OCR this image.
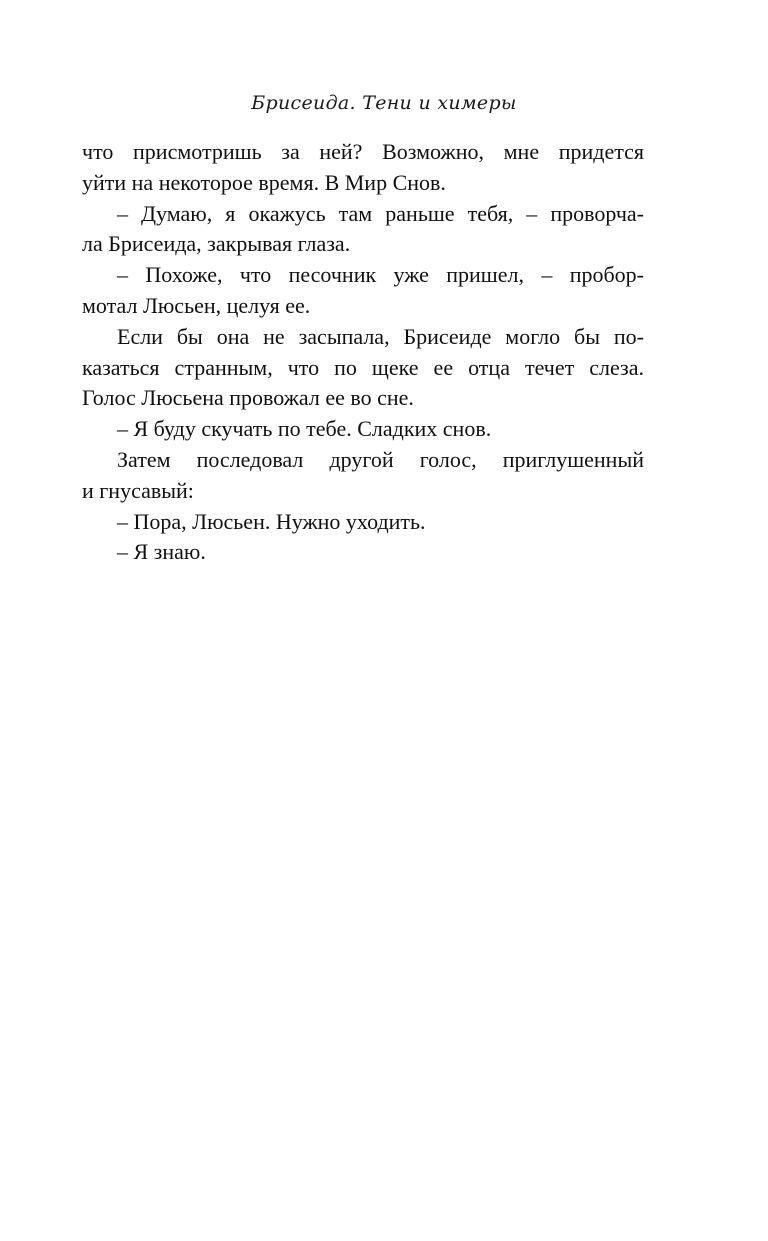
Брисеида. Тени и химеры
что присмотришь за ней? Возможно, мне придется
уйти на некоторое время. В Мир Снов.
– Думаю, я окажусь там раньше тебя, – проворча-
ла Брисеида, закрывая глаза.
– Похоже, что песочник уже пришел, – пробор-
мотал Люсьен, целуя ее.
Если бы она не засыпала, Брисеиде могло бы по-
казаться странным, что по щеке ее отца течет слеза.
Голос Люсьена провожал ее во сне.
– Я буду скучать по тебе. Сладких снов.
Затем последовал другой голос, приглушенный
и гнусавый:
– Пора, Люсьен. Нужно уходить.
– Я знаю.
